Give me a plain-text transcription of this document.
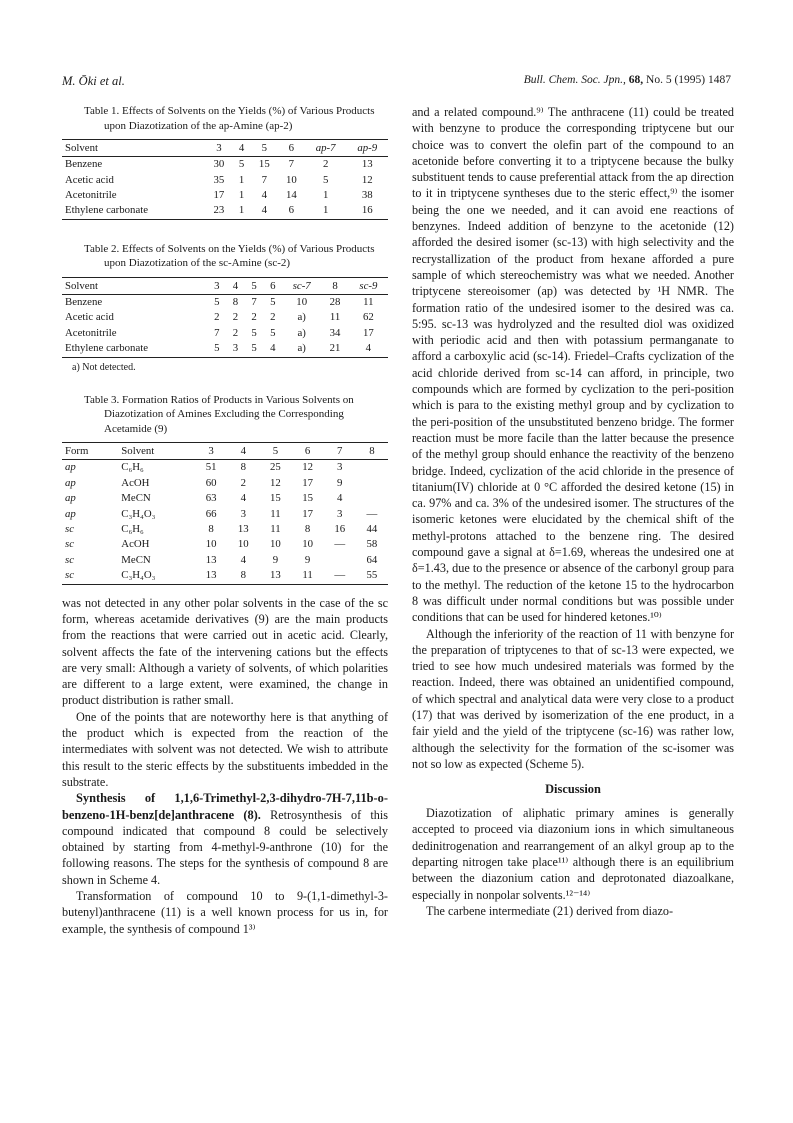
M. Ōki et al.	Bull. Chem. Soc. Jpn., 68, No. 5 (1995) 1487
Table 1. Effects of Solvents on the Yields (%) of Various Products upon Diazotization of the ap-Amine (ap-2)
Solvent	3	4	5	6	ap-7	ap-9
Benzene	30	5	15	7	2	13
Acetic acid	35	1	7	10	5	12
Acetonitrile	17	1	4	14	1	38
Ethylene carbonate	23	1	4	6	1	16
Table 2. Effects of Solvents on the Yields (%) of Various Products upon Diazotization of the sc-Amine (sc-2)
Solvent	3	4	5	6	sc-7	8	sc-9
Benzene	5	8	7	5	10	28	11
Acetic acid	2	2	2	2	a)	11	62
Acetonitrile	7	2	5	5	a)	34	17
Ethylene carbonate	5	3	5	4	a)	21	4
a) Not detected.
Table 3. Formation Ratios of Products in Various Solvents on Diazotization of Amines Excluding the Corresponding Acetamide (9)
Form	Solvent	3	4	5	6	7	8
ap	C₆H₆	51	8	25	12	3	
ap	AcOH	60	2	12	17	9	
ap	MeCN	63	4	15	15	4	
ap	C₃H₄O₃	66	3	11	17	3	—
sc	C₆H₆	8	13	11	8	16	44
sc	AcOH	10	10	10	10	—	58
sc	MeCN	13	4	9	9		64
sc	C₃H₄O₃	13	8	13	11	—	55

was not detected in any other polar solvents in the case of the sc form, whereas acetamide derivatives (9) are the main products from the reactions that were carried out in acetic acid. Clearly, solvent affects the fate of the intervening cations but the effects are very small: Although a variety of solvents, of which polarities are different to a large extent, were examined, the change in product distribution is rather small.

One of the points that are noteworthy here is that anything of the product which is expected from the reaction of the intermediates with solvent was not detected. We wish to attribute this result to the steric effects by the substituents imbedded in the substrate.

Synthesis of 1,1,6-Trimethyl-2,3-dihydro-7H-7,11b-o-benzeno-1H-benz[de]anthracene (8). Retrosynthesis of this compound indicated that compound 8 could be selectively obtained by starting from 4-methyl-9-anthrone (10) for the following reasons. The steps for the synthesis of compound 8 are shown in Scheme 4.

Transformation of compound 10 to 9-(1,1-dimethyl-3-butenyl)anthracene (11) is a well known process for us in, for example, the synthesis of compound 1³⁾

and a related compound.⁹⁾ The anthracene (11) could be treated with benzyne to produce the corresponding triptycene but our choice was to convert the olefin part of the compound to an acetonide before converting it to a triptycene because the bulky substituent tends to cause preferential attack from the ap direction to it in triptycene syntheses due to the steric effect,⁹⁾ the isomer being the one we needed, and it can avoid ene reactions of benzynes. Indeed addition of benzyne to the acetonide (12) afforded the desired isomer (sc-13) with high selectivity and the recrystallization of the product from hexane afforded a pure sample of which stereochemistry was what we needed. Another triptycene stereoisomer (ap) was detected by ¹H NMR. The formation ratio of the undesired isomer to the desired was ca. 5:95. sc-13 was hydrolyzed and the resulted diol was oxidized with periodic acid and then with potassium permanganate to afford a carboxylic acid (sc-14). Friedel–Crafts cyclization of the acid chloride derived from sc-14 can afford, in principle, two compounds which are formed by cyclization to the peri-position which is para to the existing methyl group and by cyclization to the peri-position of the unsubstituted benzeno bridge. The former reaction must be more facile than the latter because the presence of the methyl group should enhance the reactivity of the benzeno bridge. Indeed, cyclization of the acid chloride in the presence of titanium(IV) chloride at 0 °C afforded the desired ketone (15) in ca. 97% and ca. 3% of the undesired isomer. The structures of the isomeric ketones were elucidated by the chemical shift of the methyl-protons attached to the benzene ring. The desired compound gave a signal at δ=1.69, whereas the undesired one at δ=1.43, due to the presence or absence of the carbonyl group para to the methyl. The reduction of the ketone 15 to the hydrocarbon 8 was difficult under normal conditions but was possible under conditions that can be used for hindered ketones.¹⁰⁾

Although the inferiority of the reaction of 11 with benzyne for the preparation of triptycenes to that of sc-13 were expected, we tried to see how much undesired materials was formed by the reaction. Indeed, there was obtained an unidentified compound, of which spectral and analytical data were very close to a product (17) that was derived by isomerization of the ene product, in a fair yield and the yield of the triptycene (sc-16) was rather low, although the selectivity for the formation of the sc-isomer was not so low as expected (Scheme 5).

Discussion

Diazotization of aliphatic primary amines is generally accepted to proceed via diazonium ions in which simultaneous dedinitrogenation and rearrangement of an alkyl group ap to the departing nitrogen take place¹¹⁾ although there is an equilibrium between the diazonium cation and deprotonated diazoalkane, especially in nonpolar solvents.¹²⁻¹⁴⁾

The carbene intermediate (21) derived from diazo-
